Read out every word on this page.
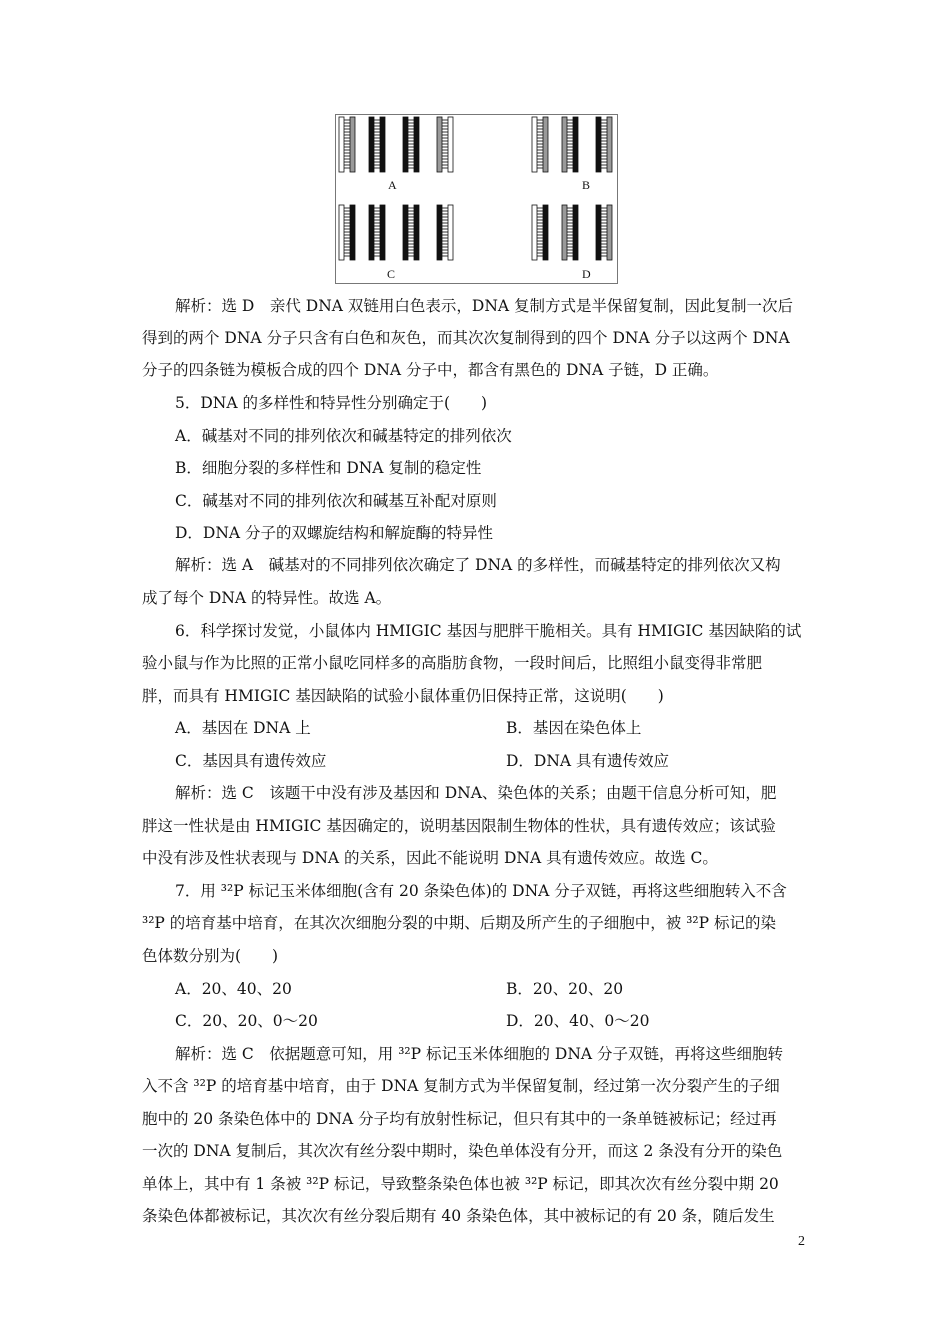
A	B
C	D
解析：选 D　亲代 DNA 双链用白色表示，DNA 复制方式是半保留复制，因此复制一次后
得到的两个 DNA 分子只含有白色和灰色，而其次次复制得到的四个 DNA 分子以这两个 DNA
分子的四条链为模板合成的四个 DNA 分子中，都含有黑色的 DNA 子链，D 正确。
5．DNA 的多样性和特异性分别确定于(　　)
A．碱基对不同的排列依次和碱基特定的排列依次
B．细胞分裂的多样性和 DNA 复制的稳定性
C．碱基对不同的排列依次和碱基互补配对原则
D．DNA 分子的双螺旋结构和解旋酶的特异性
解析：选 A　碱基对的不同排列依次确定了 DNA 的多样性，而碱基特定的排列依次又构
成了每个 DNA 的特异性。故选 A。
6．科学探讨发觉，小鼠体内 HMIGIC 基因与肥胖干脆相关。具有 HMIGIC 基因缺陷的试
验小鼠与作为比照的正常小鼠吃同样多的高脂肪食物，一段时间后，比照组小鼠变得非常肥
胖，而具有 HMIGIC 基因缺陷的试验小鼠体重仍旧保持正常，这说明(　　)
A．基因在 DNA 上	B．基因在染色体上
C．基因具有遗传效应	D．DNA 具有遗传效应
解析：选 C　该题干中没有涉及基因和 DNA、染色体的关系；由题干信息分析可知，肥
胖这一性状是由 HMIGIC 基因确定的，说明基因限制生物体的性状，具有遗传效应；该试验
中没有涉及性状表现与 DNA 的关系，因此不能说明 DNA 具有遗传效应。故选 C。
7．用 ³²P 标记玉米体细胞(含有 20 条染色体)的 DNA 分子双链，再将这些细胞转入不含
³²P 的培育基中培育，在其次次细胞分裂的中期、后期及所产生的子细胞中，被 ³²P 标记的染
色体数分别为(　　)
A．20、40、20	B．20、20、20
C．20、20、0～20	D．20、40、0～20
解析：选 C　依据题意可知，用 ³²P 标记玉米体细胞的 DNA 分子双链，再将这些细胞转
入不含 ³²P 的培育基中培育，由于 DNA 复制方式为半保留复制，经过第一次分裂产生的子细
胞中的 20 条染色体中的 DNA 分子均有放射性标记，但只有其中的一条单链被标记；经过再
一次的 DNA 复制后，其次次有丝分裂中期时，染色单体没有分开，而这 2 条没有分开的染色
单体上，其中有 1 条被 ³²P 标记，导致整条染色体也被 ³²P 标记，即其次次有丝分裂中期 20
条染色体都被标记，其次次有丝分裂后期有 40 条染色体，其中被标记的有 20 条，随后发生
2
